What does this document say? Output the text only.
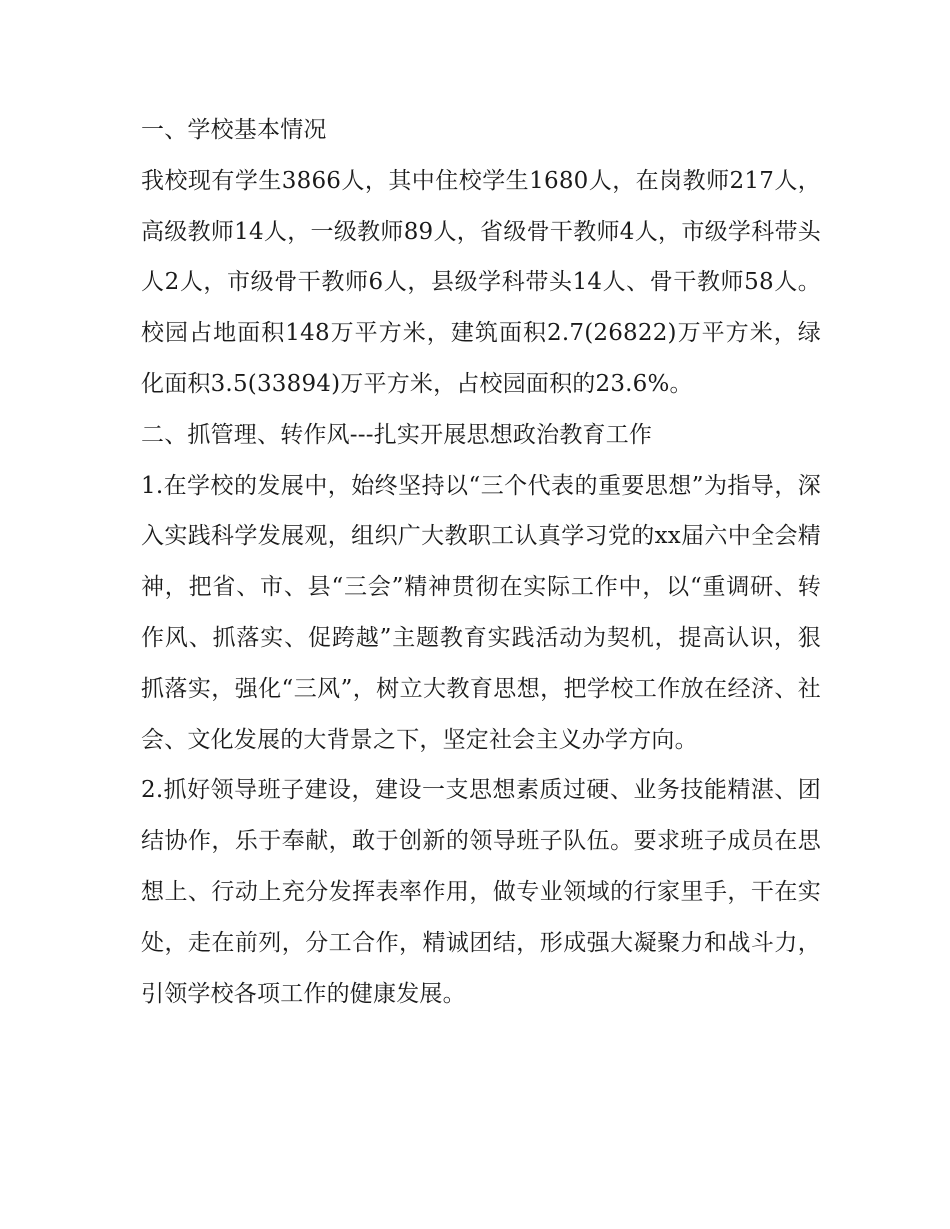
一、学校基本情况

我校现有学生3866人，其中住校学生1680人，在岗教师217人，高级教师14人，一级教师89人，省级骨干教师4人，市级学科带头人2人，市级骨干教师6人，县级学科带头14人、骨干教师58人。校园占地面积148万平方米，建筑面积2.7(26822)万平方米，绿化面积3.5(33894)万平方米，占校园面积的23.6%。

二、抓管理、转作风---扎实开展思想政治教育工作

1.在学校的发展中，始终坚持以“三个代表的重要思想”为指导，深入实践科学发展观，组织广大教职工认真学习党的xx届六中全会精神，把省、市、县“三会”精神贯彻在实际工作中，以“重调研、转作风、抓落实、促跨越”主题教育实践活动为契机，提高认识，狠抓落实，强化“三风”，树立大教育思想，把学校工作放在经济、社会、文化发展的大背景之下，坚定社会主义办学方向。

2.抓好领导班子建设，建设一支思想素质过硬、业务技能精湛、团结协作，乐于奉献，敢于创新的领导班子队伍。要求班子成员在思想上、行动上充分发挥表率作用，做专业领域的行家里手，干在实处，走在前列，分工合作，精诚团结，形成强大凝聚力和战斗力，引领学校各项工作的健康发展。
